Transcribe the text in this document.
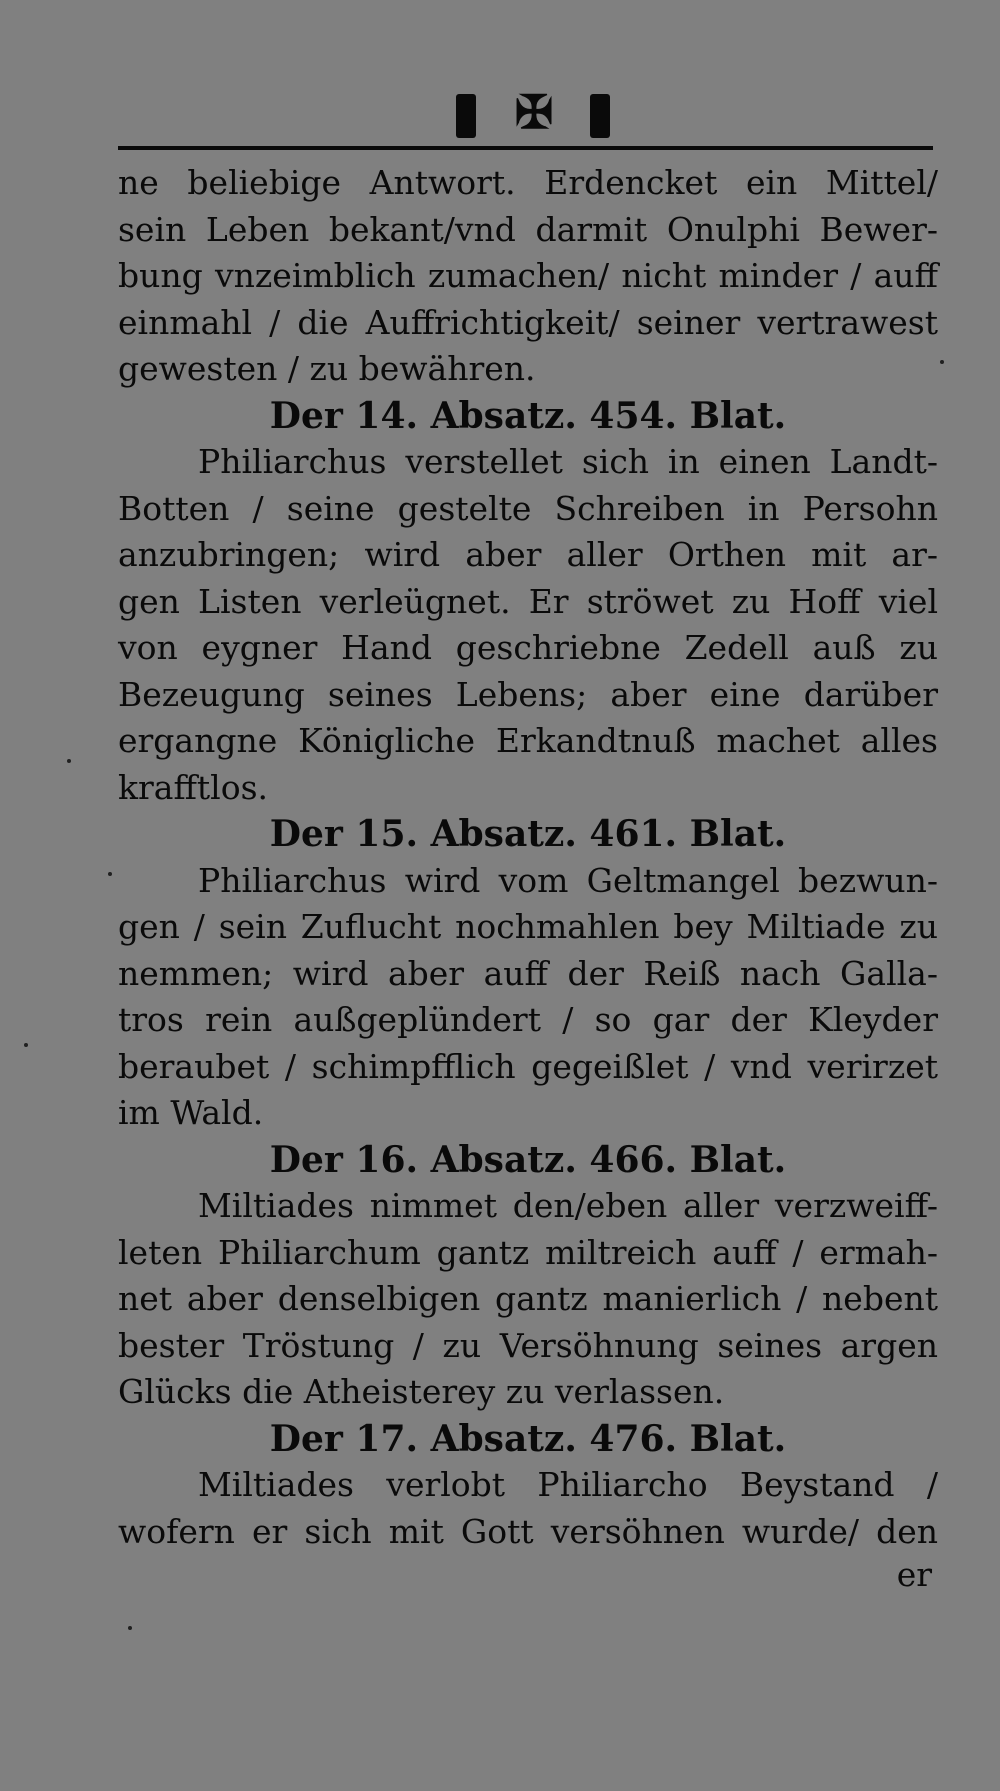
✠
ne beliebige Antwort. Erdencket ein Mittel/
sein Leben bekant/vnd darmit Onulphi Bewer-
bung vnzeimblich zumachen/ nicht minder / auff
einmahl / die Auffrichtigkeit/ seiner vertrawest
gewesten / zu bewähren.
Der 14. Absatz. 454. Blat.
Philiarchus verstellet sich in einen Landt-
Botten / seine gestelte Schreiben in Persohn
anzubringen; wird aber aller Orthen mit ar-
gen Listen verleügnet. Er ströwet zu Hoff viel
von eygner Hand geschriebne Zedell auß zu
Bezeugung seines Lebens; aber eine darüber
ergangne Königliche Erkandtnuß machet alles
krafftlos.
Der 15. Absatz. 461. Blat.
Philiarchus wird vom Geltmangel bezwun-
gen / sein Zuflucht nochmahlen bey Miltiade zu
nemmen; wird aber auff der Reiß nach Galla-
tros rein außgeplündert / so gar der Kleyder
beraubet / schimpfflich gegeißlet / vnd verirzet
im Wald.
Der 16. Absatz. 466. Blat.
Miltiades nimmet den/eben aller verzweiff-
leten Philiarchum gantz miltreich auff / ermah-
net aber denselbigen gantz manierlich / nebent
bester Tröstung / zu Versöhnung seines argen
Glücks die Atheisterey zu verlassen.
Der 17. Absatz. 476. Blat.
Miltiades verlobt Philiarcho Beystand /
wofern er sich mit Gott versöhnen wurde/ den
er
